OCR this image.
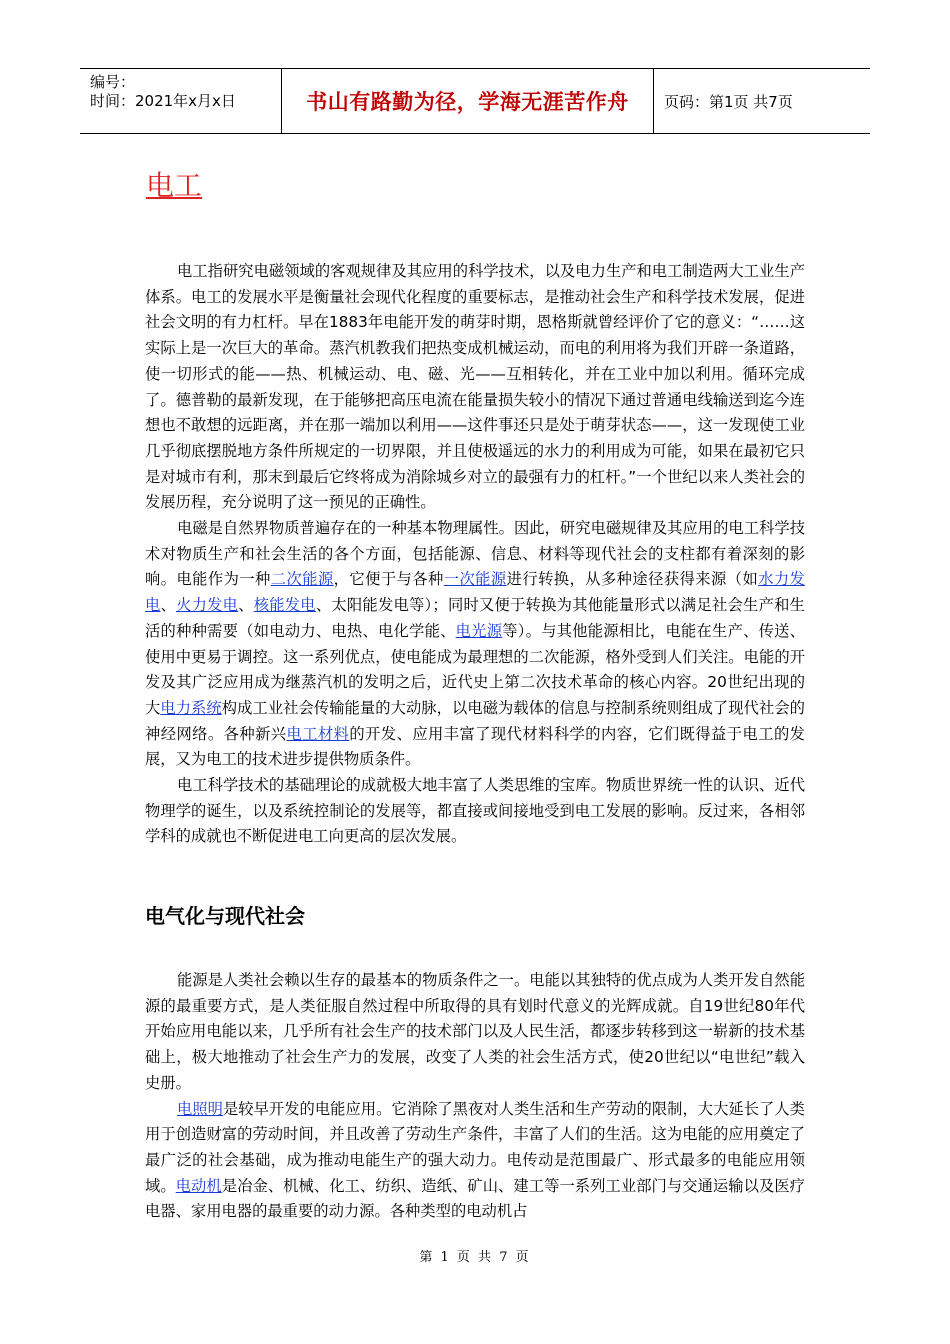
编号：
时间：2021年x月x日	书山有路勤为径，学海无涯苦作舟	页码：第1页 共7页
电工

电工指研究电磁领域的客观规律及其应用的科学技术，以及电力生产和电工制造两大工业生产体系。电工的发展水平是衡量社会现代化程度的重要标志，是推动社会生产和科学技术发展，促进社会文明的有力杠杆。早在1883年电能开发的萌芽时期，恩格斯就曾经评价了它的意义：“……这实际上是一次巨大的革命。蒸汽机教我们把热变成机械运动，而电的利用将为我们开辟一条道路，使一切形式的能——热、机械运动、电、磁、光——互相转化，并在工业中加以利用。循环完成了。德普勒的最新发现，在于能够把高压电流在能量损失较小的情况下通过普通电线输送到迄今连想也不敢想的远距离，并在那一端加以利用——这件事还只是处于萌芽状态——，这一发现使工业几乎彻底摆脱地方条件所规定的一切界限，并且使极遥远的水力的利用成为可能，如果在最初它只是对城市有利，那末到最后它终将成为消除城乡对立的最强有力的杠杆。”一个世纪以来人类社会的发展历程，充分说明了这一预见的正确性。

电磁是自然界物质普遍存在的一种基本物理属性。因此，研究电磁规律及其应用的电工科学技术对物质生产和社会生活的各个方面，包括能源、信息、材料等现代社会的支柱都有着深刻的影响。电能作为一种二次能源，它便于与各种一次能源进行转换，从多种途径获得来源（如水力发电、火力发电、核能发电、太阳能发电等）；同时又便于转换为其他能量形式以满足社会生产和生活的种种需要（如电动力、电热、电化学能、电光源等）。与其他能源相比，电能在生产、传送、使用中更易于调控。这一系列优点，使电能成为最理想的二次能源，格外受到人们关注。电能的开发及其广泛应用成为继蒸汽机的发明之后，近代史上第二次技术革命的核心内容。20世纪出现的大电力系统构成工业社会传输能量的大动脉，以电磁为载体的信息与控制系统则组成了现代社会的神经网络。各种新兴电工材料的开发、应用丰富了现代材料科学的内容，它们既得益于电工的发展，又为电工的技术进步提供物质条件。

电工科学技术的基础理论的成就极大地丰富了人类思维的宝库。物质世界统一性的认识、近代物理学的诞生，以及系统控制论的发展等，都直接或间接地受到电工发展的影响。反过来，各相邻学科的成就也不断促进电工向更高的层次发展。

电气化与现代社会

能源是人类社会赖以生存的最基本的物质条件之一。电能以其独特的优点成为人类开发自然能源的最重要方式，是人类征服自然过程中所取得的具有划时代意义的光辉成就。自19世纪80年代开始应用电能以来，几乎所有社会生产的技术部门以及人民生活，都逐步转移到这一崭新的技术基础上，极大地推动了社会生产力的发展，改变了人类的社会生活方式，使20世纪以“电世纪”载入史册。

电照明是较早开发的电能应用。它消除了黑夜对人类生活和生产劳动的限制，大大延长了人类用于创造财富的劳动时间，并且改善了劳动生产条件，丰富了人们的生活。这为电能的应用奠定了最广泛的社会基础，成为推动电能生产的强大动力。电传动是范围最广、形式最多的电能应用领域。电动机是冶金、机械、化工、纺织、造纸、矿山、建工等一系列工业部门与交通运输以及医疗电器、家用电器的最重要的动力源。各种类型的电动机占

第 1 页 共 7 页
